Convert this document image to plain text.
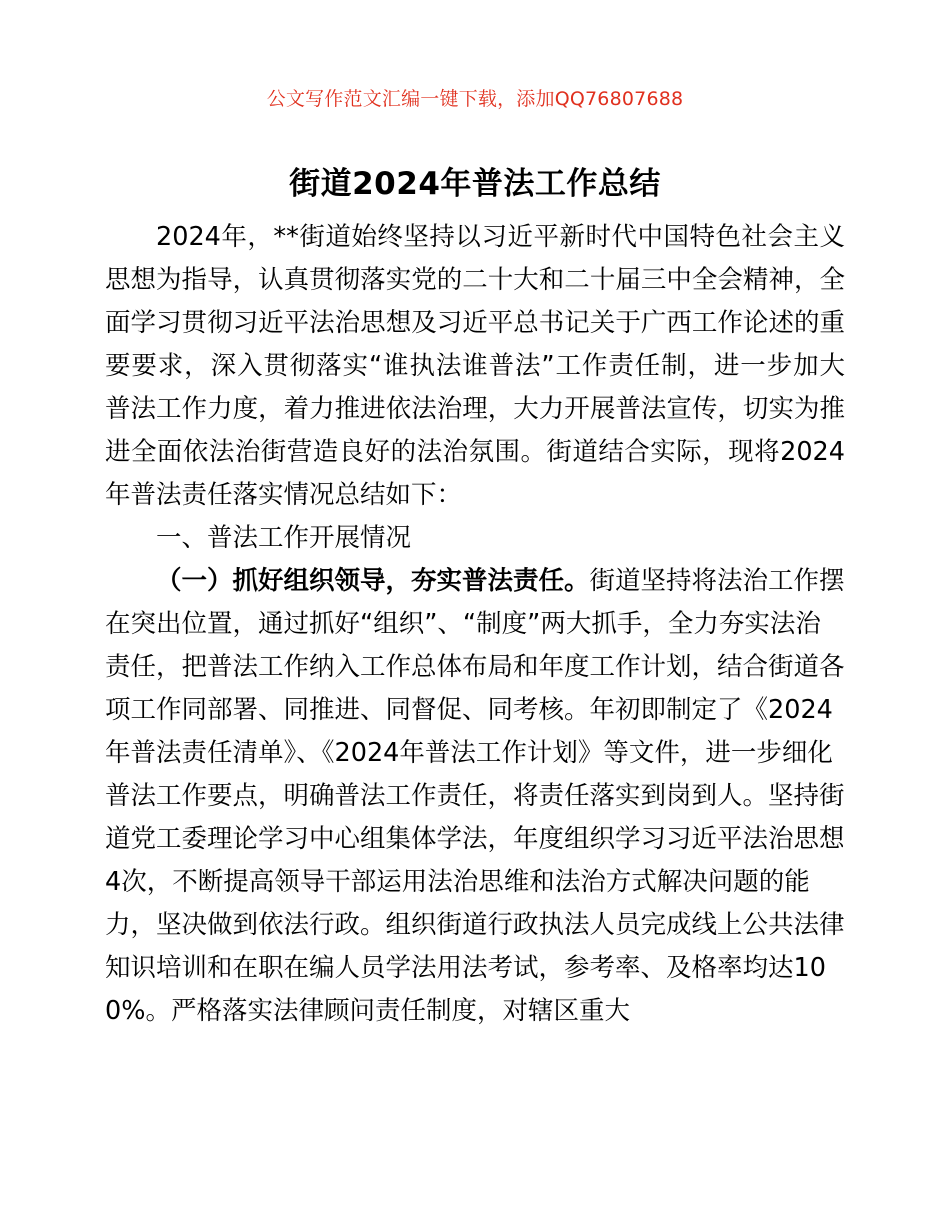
公文写作范文汇编一键下载，添加QQ76807688
街道2024年普法工作总结

2024年，**街道始终坚持以习近平新时代中国特色社会主义思想为指导，认真贯彻落实党的二十大和二十届三中全会精神，全面学习贯彻习近平法治思想及习近平总书记关于广西工作论述的重要要求，深入贯彻落实“谁执法谁普法”工作责任制，进一步加大普法工作力度，着力推进依法治理，大力开展普法宣传，切实为推进全面依法治街营造良好的法治氛围。街道结合实际，现将2024年普法责任落实情况总结如下：

一、普法工作开展情况

（一）抓好组织领导，夯实普法责任。街道坚持将法治工作摆在突出位置，通过抓好“组织”、“制度”两大抓手，全力夯实法治责任，把普法工作纳入工作总体布局和年度工作计划，结合街道各项工作同部署、同推进、同督促、同考核。年初即制定了《2024年普法责任清单》、《2024年普法工作计划》等文件，进一步细化普法工作要点，明确普法工作责任，将责任落实到岗到人。坚持街道党工委理论学习中心组集体学法，年度组织学习习近平法治思想4次，不断提高领导干部运用法治思维和法治方式解决问题的能力，坚决做到依法行政。组织街道行政执法人员完成线上公共法律知识培训和在职在编人员学法用法考试，参考率、及格率均达100%。严格落实法律顾问责任制度，对辖区重大
